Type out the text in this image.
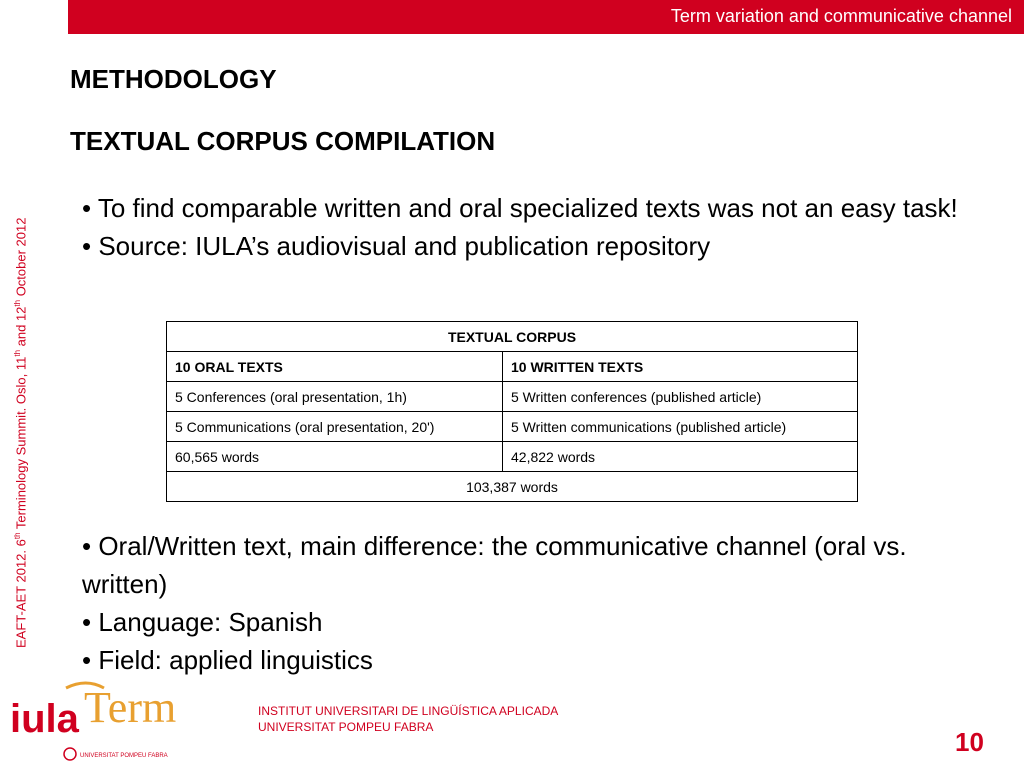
Term variation and communicative channel
EAFT-AET 2012. 6th Terminology Summit. Oslo, 11th and 12th October 2012
METHODOLOGY
TEXTUAL CORPUS COMPILATION
• To find comparable written and oral specialized texts was not an easy task!
• Source: IULA’s audiovisual and publication repository
TEXTUAL CORPUS	
10 ORAL TEXTS	10 WRITTEN TEXTS
5 Conferences (oral presentation, 1h)	5 Written conferences (published article)
5 Communications (oral presentation, 20')	5 Written communications (published article)
60,565 words	42,822 words
103,387 words	
• Oral/Written text, main difference: the communicative channel (oral vs. written)
• Language: Spanish
• Field: applied linguistics
iula Term
UNIVERSITAT POMPEU FABRA
INSTITUT UNIVERSITARI DE LINGÜÍSTICA APLICADA
UNIVERSITAT POMPEU FABRA	10
